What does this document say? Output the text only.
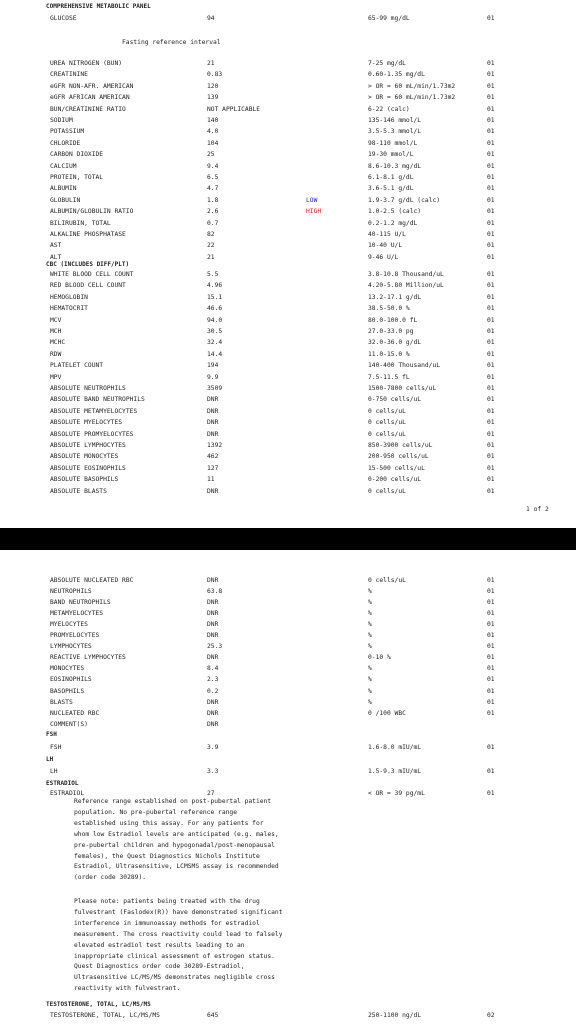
COMPREHENSIVE METABOLIC PANEL
GLUCOSE	94	65-99 mg/dL	01
Fasting reference interval
UREA NITROGEN (BUN)	21	7-25 mg/dL	01
CREATININE	0.83	0.60-1.35 mg/dL	01
eGFR NON-AFR. AMERICAN	120	> OR = 60 mL/min/1.73m2	01
eGFR AFRICAN AMERICAN	139	> OR = 60 mL/min/1.73m2	01
BUN/CREATININE RATIO	NOT APPLICABLE	6-22 (calc)	01
SODIUM	140	135-146 mmol/L	01
POTASSIUM	4.0	3.5-5.3 mmol/L	01
CHLORIDE	104	98-110 mmol/L	01
CARBON DIOXIDE	25	19-30 mmol/L	01
CALCIUM	9.4	8.6-10.3 mg/dL	01
PROTEIN, TOTAL	6.5	6.1-8.1 g/dL	01
ALBUMIN	4.7	3.6-5.1 g/dL	01
GLOBULIN	1.8	LOW	1.9-3.7 g/dL (calc)	01
ALBUMIN/GLOBULIN RATIO	2.6	HIGH	1.0-2.5 (calc)	01
BILIRUBIN, TOTAL	0.7	0.2-1.2 mg/dL	01
ALKALINE PHOSPHATASE	82	40-115 U/L	01
AST	22	10-40 U/L	01
ALT	21	9-46 U/L	01
CBC (INCLUDES DIFF/PLT)
WHITE BLOOD CELL COUNT	5.5	3.8-10.8 Thousand/uL	01
RED BLOOD CELL COUNT	4.96	4.20-5.80 Million/uL	01
HEMOGLOBIN	15.1	13.2-17.1 g/dL	01
HEMATOCRIT	46.6	38.5-50.0 %	01
MCV	94.0	80.0-100.0 fL	01
MCH	30.5	27.0-33.0 pg	01
MCHC	32.4	32.0-36.0 g/dL	01
RDW	14.4	11.0-15.0 %	01
PLATELET COUNT	194	140-400 Thousand/uL	01
MPV	9.9	7.5-11.5 fL	01
ABSOLUTE NEUTROPHILS	3509	1500-7800 cells/uL	01
ABSOLUTE BAND NEUTROPHILS	DNR	0-750 cells/uL	01
ABSOLUTE METAMYELOCYTES	DNR	0 cells/uL	01
ABSOLUTE MYELOCYTES	DNR	0 cells/uL	01
ABSOLUTE PROMYELOCYTES	DNR	0 cells/uL	01
ABSOLUTE LYMPHOCYTES	1392	850-3900 cells/uL	01
ABSOLUTE MONOCYTES	462	200-950 cells/uL	01
ABSOLUTE EOSINOPHILS	127	15-500 cells/uL	01
ABSOLUTE BASOPHILS	11	0-200 cells/uL	01
ABSOLUTE BLASTS	DNR	0 cells/uL	01
1 of 2
ABSOLUTE NUCLEATED RBC	DNR	0 cells/uL	01
NEUTROPHILS	63.8	%	01
BAND NEUTROPHILS	DNR	%	01
METAMYELOCYTES	DNR	%	01
MYELOCYTES	DNR	%	01
PROMYELOCYTES	DNR	%	01
LYMPHOCYTES	25.3	%	01
REACTIVE LYMPHOCYTES	DNR	0-10 %	01
MONOCYTES	8.4	%	01
EOSINOPHILS	2.3	%	01
BASOPHILS	0.2	%	01
BLASTS	DNR	%	01
NUCLEATED RBC	DNR	0 /100 WBC	01
COMMENT(S)	DNR
FSH
FSH	3.9	1.6-8.0 mIU/mL	01
LH
LH	3.3	1.5-9.3 mIU/mL	01
ESTRADIOL
ESTRADIOL	27	< OR = 39 pg/mL	01
Reference range established on post-pubertal patient
population. No pre-pubertal reference range
established using this assay. For any patients for
whom low Estradiol levels are anticipated (e.g. males,
pre-pubertal children and hypogonadal/post-menopausal
females), the Quest Diagnostics Nichols Institute
Estradiol, Ultrasensitive, LCMSMS assay is recommended
(order code 30289).
Please note: patients being treated with the drug
fulvestrant (Faslodex(R)) have demonstrated significant
interference in immunoassay methods for estradiol
measurement. The cross reactivity could lead to falsely
elevated estradiol test results leading to an
inappropriate clinical assessment of estrogen status.
Quest Diagnostics order code 30289-Estradiol,
Ultrasensitive LC/MS/MS demonstrates negligible cross
reactivity with fulvestrant.
TESTOSTERONE, TOTAL, LC/MS/MS
TESTOSTERONE, TOTAL, LC/MS/MS	645	250-1100 ng/dL	02
